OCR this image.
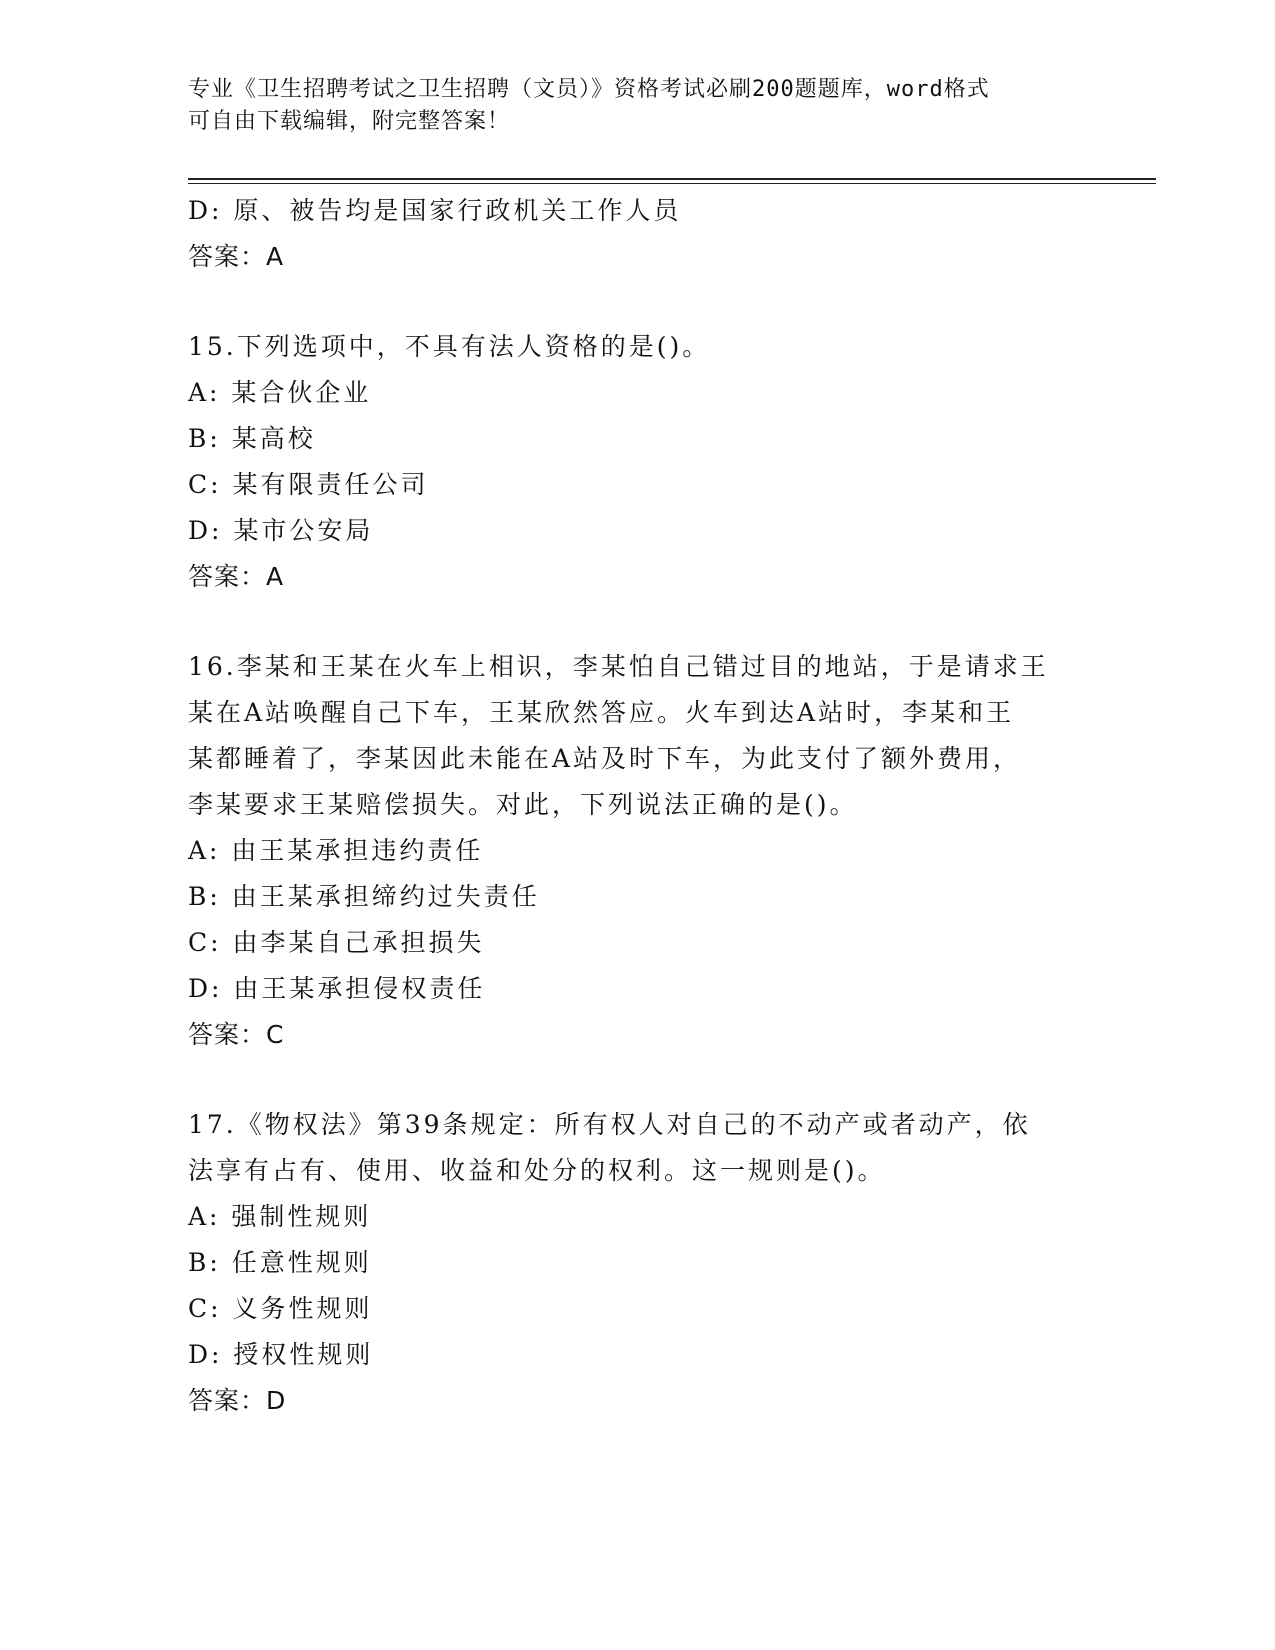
专业《卫生招聘考试之卫生招聘（文员）》资格考试必刷200题题库，word格式
可自由下载编辑，附完整答案！
D: 原、被告均是国家行政机关工作人员
答案：A
15.下列选项中，不具有法人资格的是()。
A: 某合伙企业
B: 某高校
C: 某有限责任公司
D: 某市公安局
答案：A
16.李某和王某在火车上相识，李某怕自己错过目的地站，于是请求王
某在A站唤醒自己下车，王某欣然答应。火车到达A站时，李某和王
某都睡着了，李某因此未能在A站及时下车，为此支付了额外费用，
李某要求王某赔偿损失。对此，下列说法正确的是()。
A: 由王某承担违约责任
B: 由王某承担缔约过失责任
C: 由李某自己承担损失
D: 由王某承担侵权责任
答案：C
17.《物权法》第39条规定：所有权人对自己的不动产或者动产，依
法享有占有、使用、收益和处分的权利。这一规则是()。
A: 强制性规则
B: 任意性规则
C: 义务性规则
D: 授权性规则
答案：D
